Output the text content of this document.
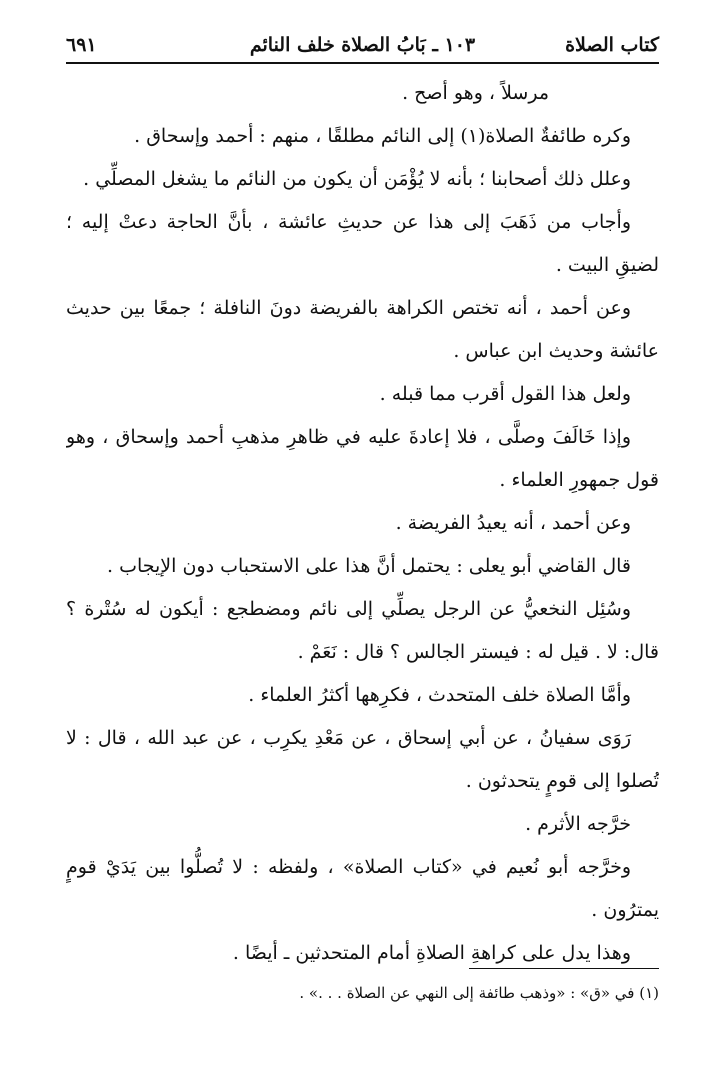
كتاب الصلاة
١٠٣ ـ بَابُ الصلاة خلف النائم
٦٩١
مرسلاً ، وهو أصح .
وكره طائفةٌ الصلاة(١) إلى النائم مطلقًا ، منهم : أحمد وإسحاق .
وعلل ذلك أصحابنا ؛ بأنه لا يُؤْمَن أن يكون من النائم ما يشغل المصلِّي .
وأجاب من ذَهَبَ إلى هذا عن حديثِ عائشة ، بأنَّ الحاجة دعتْ إليه ؛
لضيقِ البيت .
وعن أحمد ، أنه تختص الكراهة بالفريضة دونَ النافلة ؛ جمعًا بين حديث
عائشة وحديث ابن عباس .
ولعل هذا القول أقرب مما قبله .
وإذا خَالَفَ وصلَّى ، فلا إعادةَ عليه في ظاهرِ مذهبِ أحمد وإسحاق ، وهو
قول جمهورِ العلماء .
وعن أحمد ، أنه يعيدُ الفريضة .
قال القاضي أبو يعلى : يحتمل أنَّ هذا على الاستحباب دون الإيجاب .
وسُئِل النخعيُّ عن الرجل يصلِّي إلى نائم ومضطجع : أيكون له سُتْرة ؟
قال: لا . قيل له : فيستر الجالس ؟ قال : نَعَمْ .
وأمَّا الصلاة خلف المتحدث ، فكرِهها أكثرُ العلماء .
رَوَى سفيانُ ، عن أبي إسحاق ، عن مَعْدِ يكرِب ، عن عبد الله ، قال : لا
تُصلوا إلى قومٍ يتحدثون .
خرَّجه الأثرم .
وخرَّجه أبو نُعيم في «كتاب الصلاة» ، ولفظه : لا تُصلُّوا بين يَدَيْ قومٍ
يمترُون .
وهذا يدل على كراهةِ الصلاةِ أمام المتحدثين ـ أيضًا .
(١) في «ق» : «وذهب طائفة إلى النهي عن الصلاة . . .» .
